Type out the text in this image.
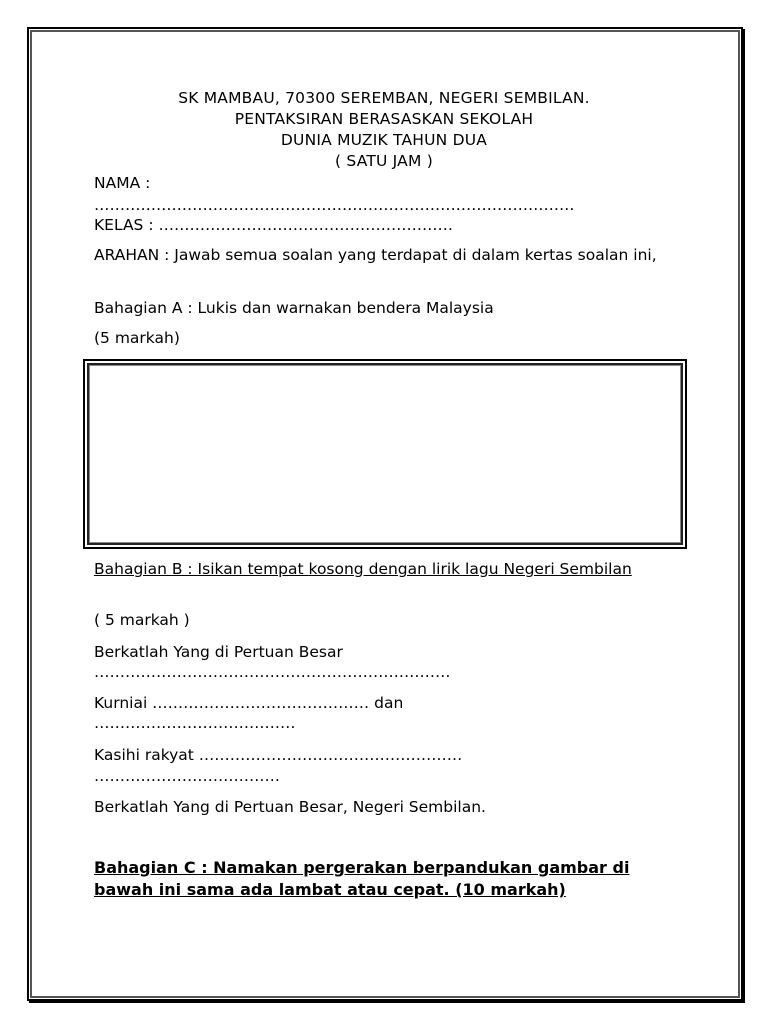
SK MAMBAU, 70300 SEREMBAN, NEGERI SEMBILAN.
PENTAKSIRAN BERASASKAN SEKOLAH
DUNIA MUZIK TAHUN DUA
( SATU JAM )
NAMA :
…………………………………………………………………………………
KELAS : …………………………………………………
ARAHAN : Jawab semua soalan yang terdapat di dalam kertas soalan ini,
Bahagian A : Lukis dan warnakan bendera Malaysia
(5 markah)
Bahagian B : Isikan tempat kosong dengan lirik lagu Negeri Sembilan
( 5 markah )
Berkatlah Yang di Pertuan Besar
……………………………………………………………
Kurniai …………………………………… dan
…………………………………
Kasihi rakyat ……………………………………………
………………………………
Berkatlah Yang di Pertuan Besar, Negeri Sembilan.
Bahagian C : Namakan pergerakan berpandukan gambar di bawah ini sama ada lambat atau cepat. (10 markah)
